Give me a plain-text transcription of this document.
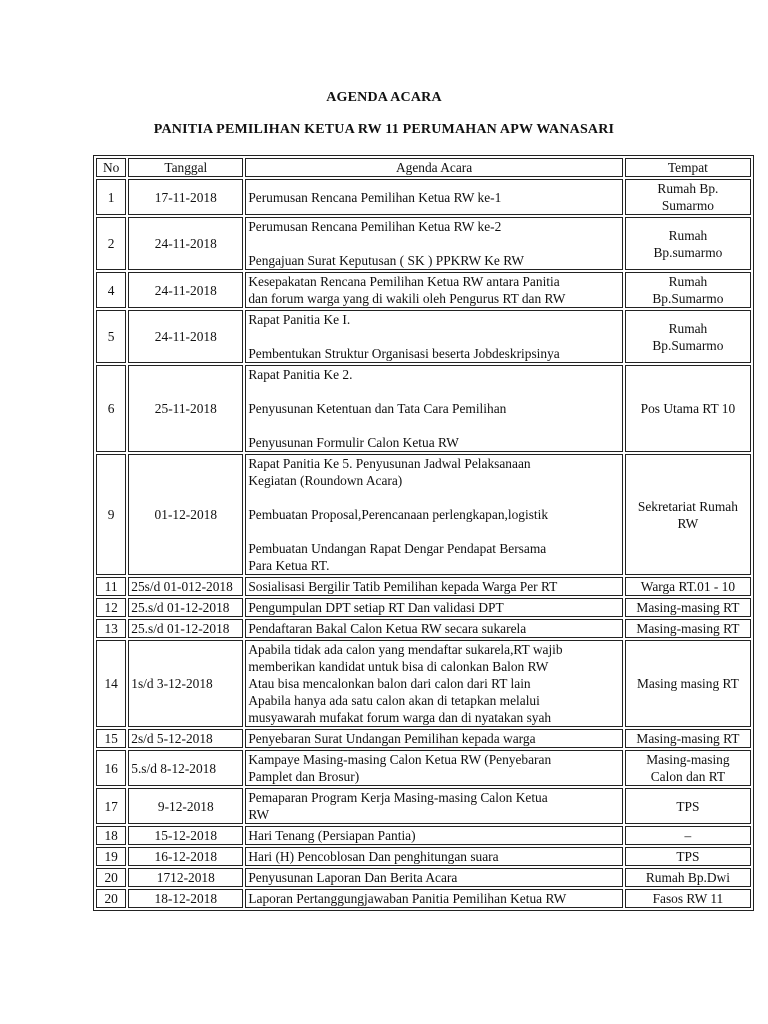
AGENDA ACARA
PANITIA PEMILIHAN KETUA RW 11 PERUMAHAN APW WANASARI
No	Tanggal	Agenda Acara	Tempat
1	17-11-2018	Perumusan Rencana Pemilihan Ketua RW ke-1	Rumah Bp.
Sumarmo

2	24-11-2018	Perumusan Rencana Pemilihan Ketua RW ke-2
Pengajuan Surat Keputusan ( SK ) PPKRW Ke RW	Rumah
Bp.sumarmo

4	24-11-2018	Kesepakatan Rencana Pemilihan Ketua RW antara Panitia
dan forum warga yang di wakili oleh Pengurus RT dan RW	Rumah
Bp.Sumarmo

5	24-11-2018	Rapat Panitia Ke I.
Pembentukan Struktur Organisasi beserta Jobdeskripsinya	Rumah
Bp.Sumarmo

6	25-11-2018	Rapat Panitia Ke 2.
Penyusunan Ketentuan dan Tata Cara Pemilihan
Penyusunan Formulir Calon Ketua RW	Pos Utama RT 10

9	01-12-2018	Rapat Panitia Ke 5. Penyusunan Jadwal Pelaksanaan
Kegiatan (Roundown Acara)
Pembuatan Proposal,Perencanaan perlengkapan,logistik
Pembuatan Undangan Rapat Dengar Pendapat Bersama
Para Ketua RT.	Sekretariat Rumah
RW

11	25s/d 01-012-2018	Sosialisasi Bergilir Tatib Pemilihan kepada Warga Per RT	Warga RT.01 - 10

12	25.s/d 01-12-2018	Pengumpulan DPT setiap RT Dan validasi DPT	Masing-masing RT

13	25.s/d 01-12-2018	Pendaftaran Bakal Calon Ketua RW secara sukarela	Masing-masing RT

14	1s/d 3-12-2018	Apabila tidak ada calon yang mendaftar sukarela,RT wajib
memberikan kandidat untuk bisa di calonkan Balon RW
Atau bisa mencalonkan balon dari calon dari RT lain
Apabila hanya ada satu calon akan di tetapkan melalui
musyawarah mufakat forum warga dan di nyatakan syah	Masing masing RT

15	2s/d 5-12-2018	Penyebaran Surat Undangan Pemilihan kepada warga	Masing-masing RT

16	5.s/d 8-12-2018	Kampaye Masing-masing Calon Ketua RW (Penyebaran
Pamplet dan Brosur)	Masing-masing
Calon dan RT

17	9-12-2018	Pemaparan Program Kerja Masing-masing Calon Ketua
RW	TPS

18	15-12-2018	Hari Tenang (Persiapan Pantia)	–

19	16-12-2018	Hari (H) Pencoblosan Dan penghitungan suara	TPS

20	1712-2018	Penyusunan Laporan Dan Berita Acara	Rumah Bp.Dwi

20	18-12-2018	Laporan Pertanggungjawaban Panitia Pemilihan Ketua RW	Fasos RW 11
